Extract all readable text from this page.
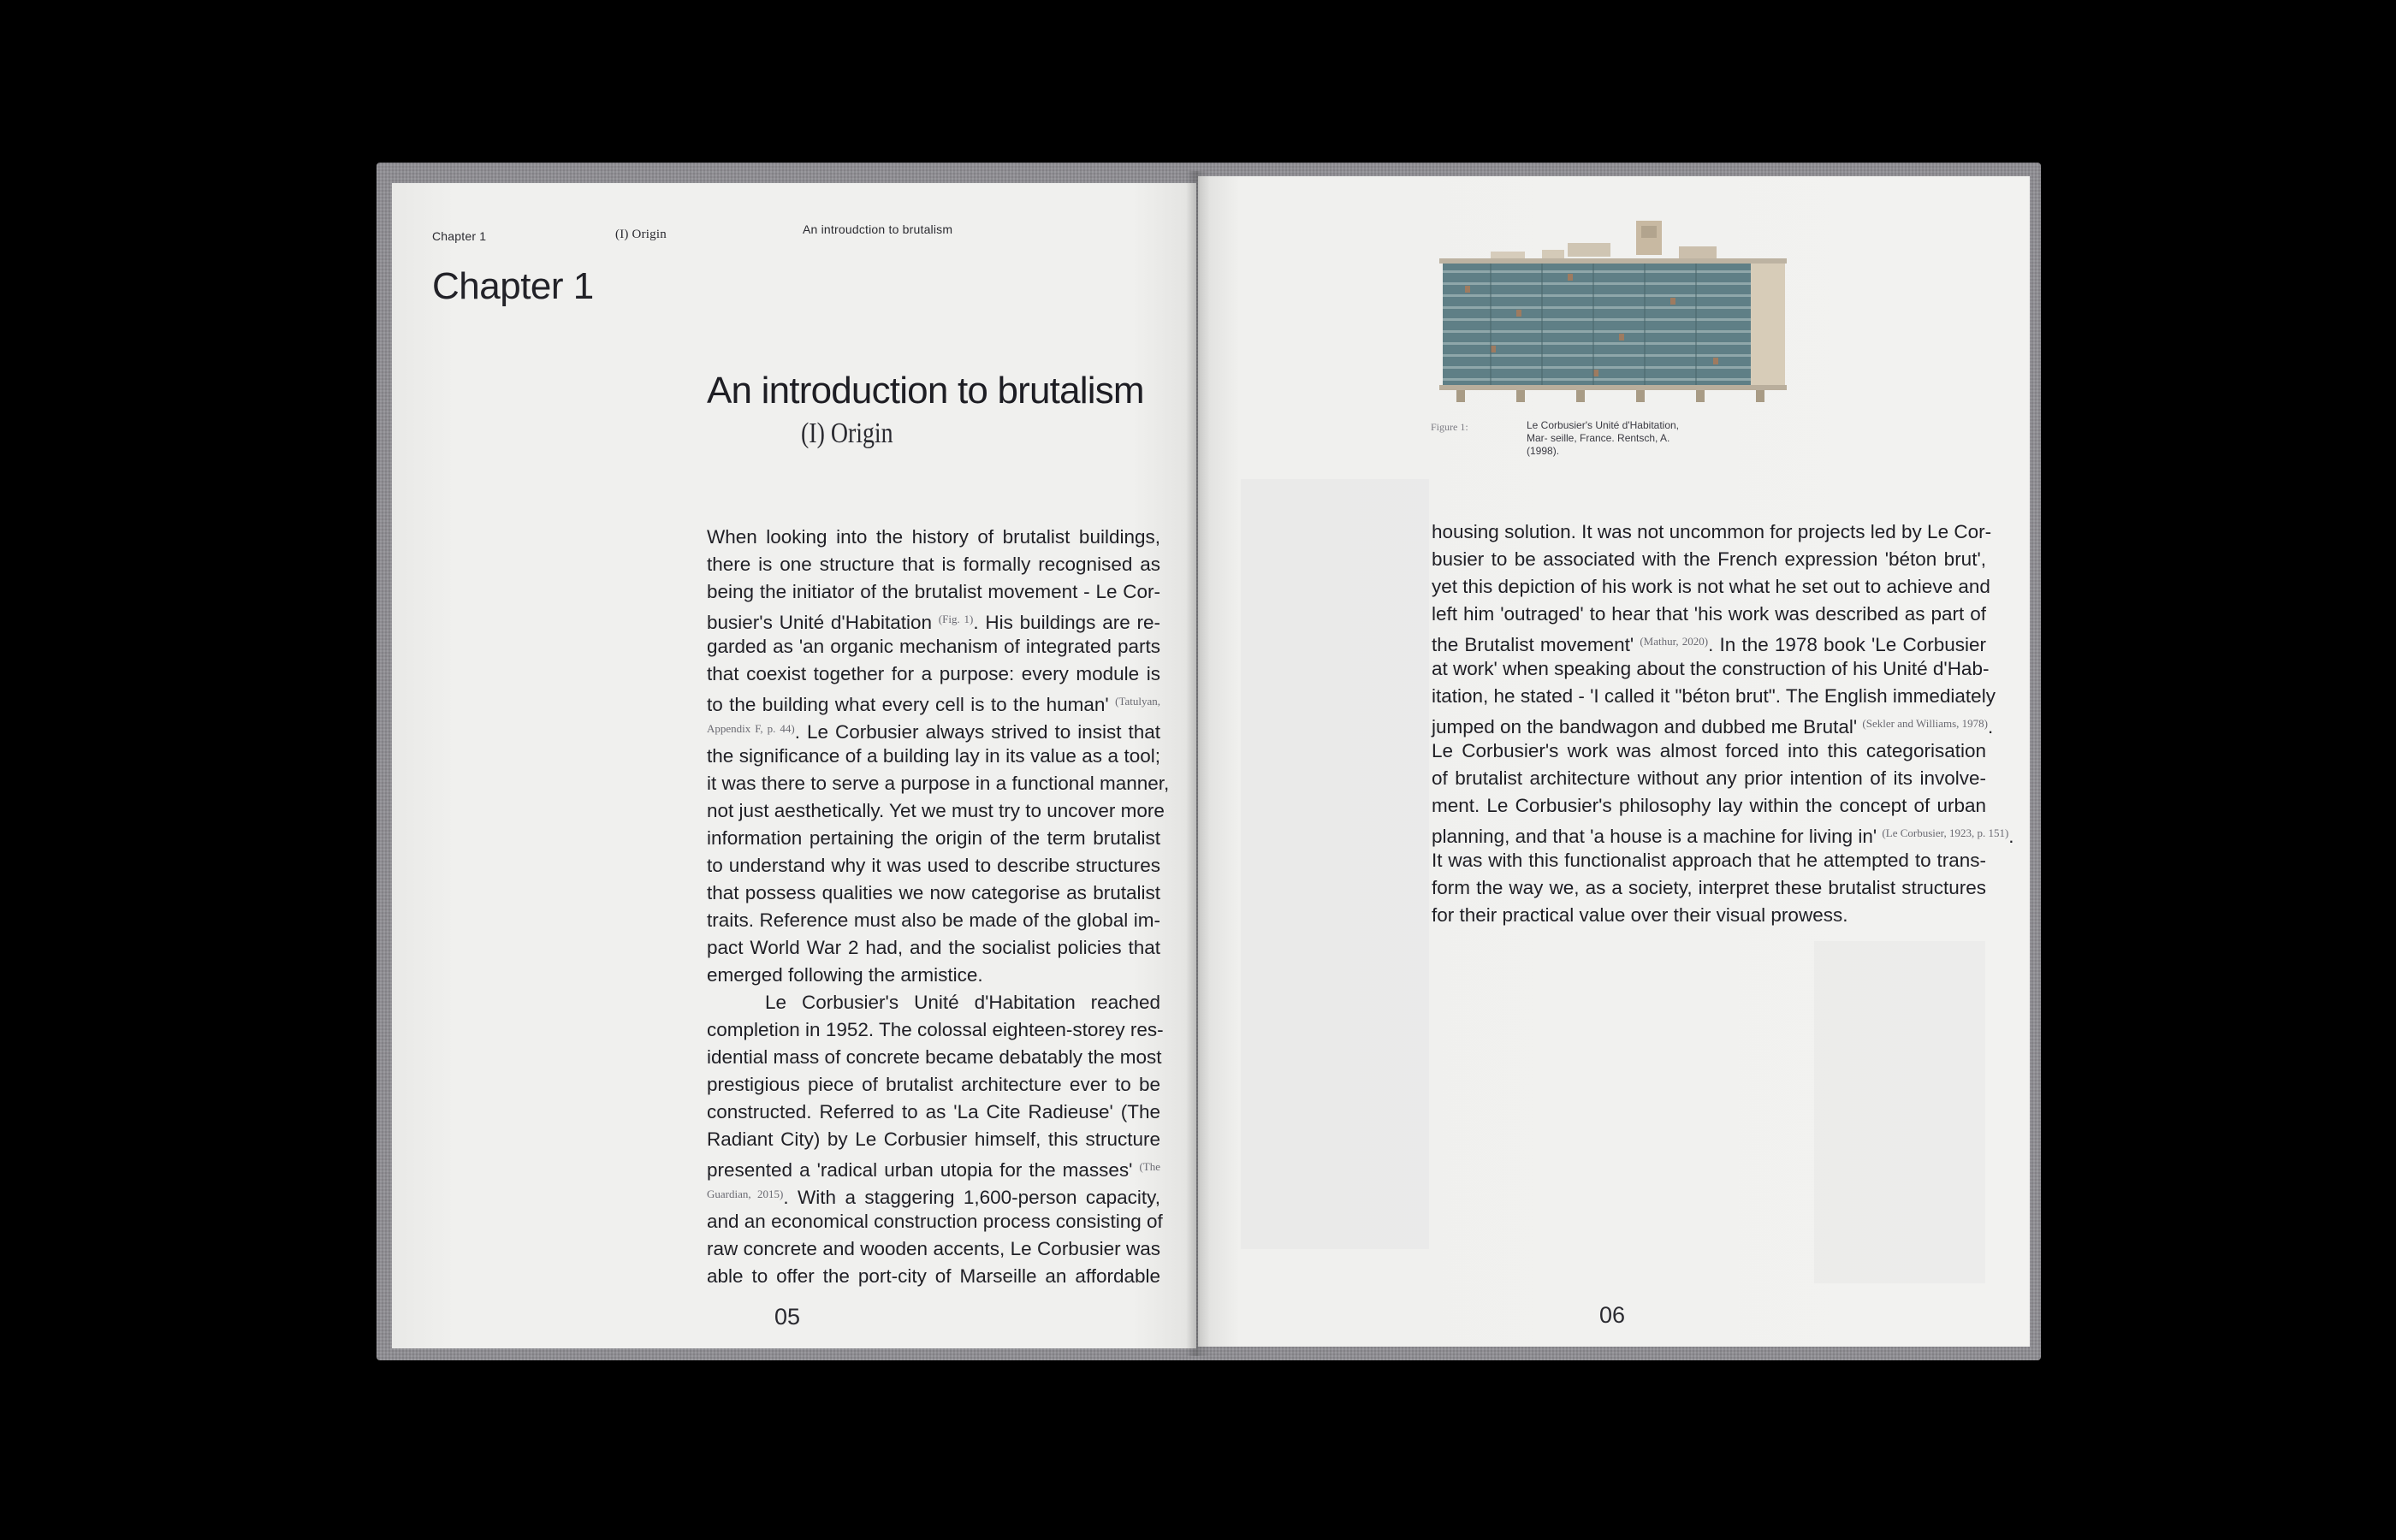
Chapter 1	(I) Origin	An introudction to brutalism
Chapter 1
An introduction to brutalism
(I) Origin
When looking into the history of brutalist buildings,
there is one structure that is formally recognised as
being the initiator of the brutalist movement - Le Cor-
busier's Unité d'Habitation $^{(Fig. 1)}$. His buildings are re-
garded as 'an organic mechanism of integrated parts
that coexist together for a purpose: every module is
to the building what every cell is to the human' $^{(Tatulyan,}$
$^{Appendix F, p. 44)}$. Le Corbusier always strived to insist that
the significance of a building lay in its value as a tool;
it was there to serve a purpose in a functional manner,
not just aesthetically. Yet we must try to uncover more
information pertaining the origin of the term brutalist
to understand why it was used to describe structures
that possess qualities we now categorise as brutalist
traits. Reference must also be made of the global im-
pact World War 2 had, and the socialist policies that
emerged following the armistice.
Le Corbusier's Unité d'Habitation reached
completion in 1952. The colossal eighteen-storey res-
idential mass of concrete became debatably the most
prestigious piece of brutalist architecture ever to be
constructed. Referred to as 'La Cite Radieuse' (The
Radiant City) by Le Corbusier himself, this structure
presented a 'radical urban utopia for the masses' $^{(The}$
$^{Guardian, 2015)}$. With a staggering 1,600-person capacity,
and an economical construction process consisting of
raw concrete and wooden accents, Le Corbusier was
able to offer the port-city of Marseille an affordable
05
Figure 1:	Le Corbusier's Unité d'Habitation, Mar- seille, France. Rentsch, A. (1998).
housing solution. It was not uncommon for projects led by Le Cor-
busier to be associated with the French expression 'béton brut',
yet this depiction of his work is not what he set out to achieve and
left him 'outraged' to hear that 'his work was described as part of
the Brutalist movement' $^{(Mathur, 2020)}$. In the 1978 book 'Le Corbusier
at work' when speaking about the construction of his Unité d'Hab-
itation, he stated - 'I called it "béton brut". The English immediately
jumped on the bandwagon and dubbed me Brutal' $^{(Sekler and Williams, 1978)}$.
Le Corbusier's work was almost forced into this categorisation
of brutalist architecture without any prior intention of its involve-
ment. Le Corbusier's philosophy lay within the concept of urban
planning, and that 'a house is a machine for living in' $^{(Le Corbusier, 1923, p. 151)}$.
It was with this functionalist approach that he attempted to trans-
form the way we, as a society, interpret these brutalist structures
for their practical value over their visual prowess.
06
